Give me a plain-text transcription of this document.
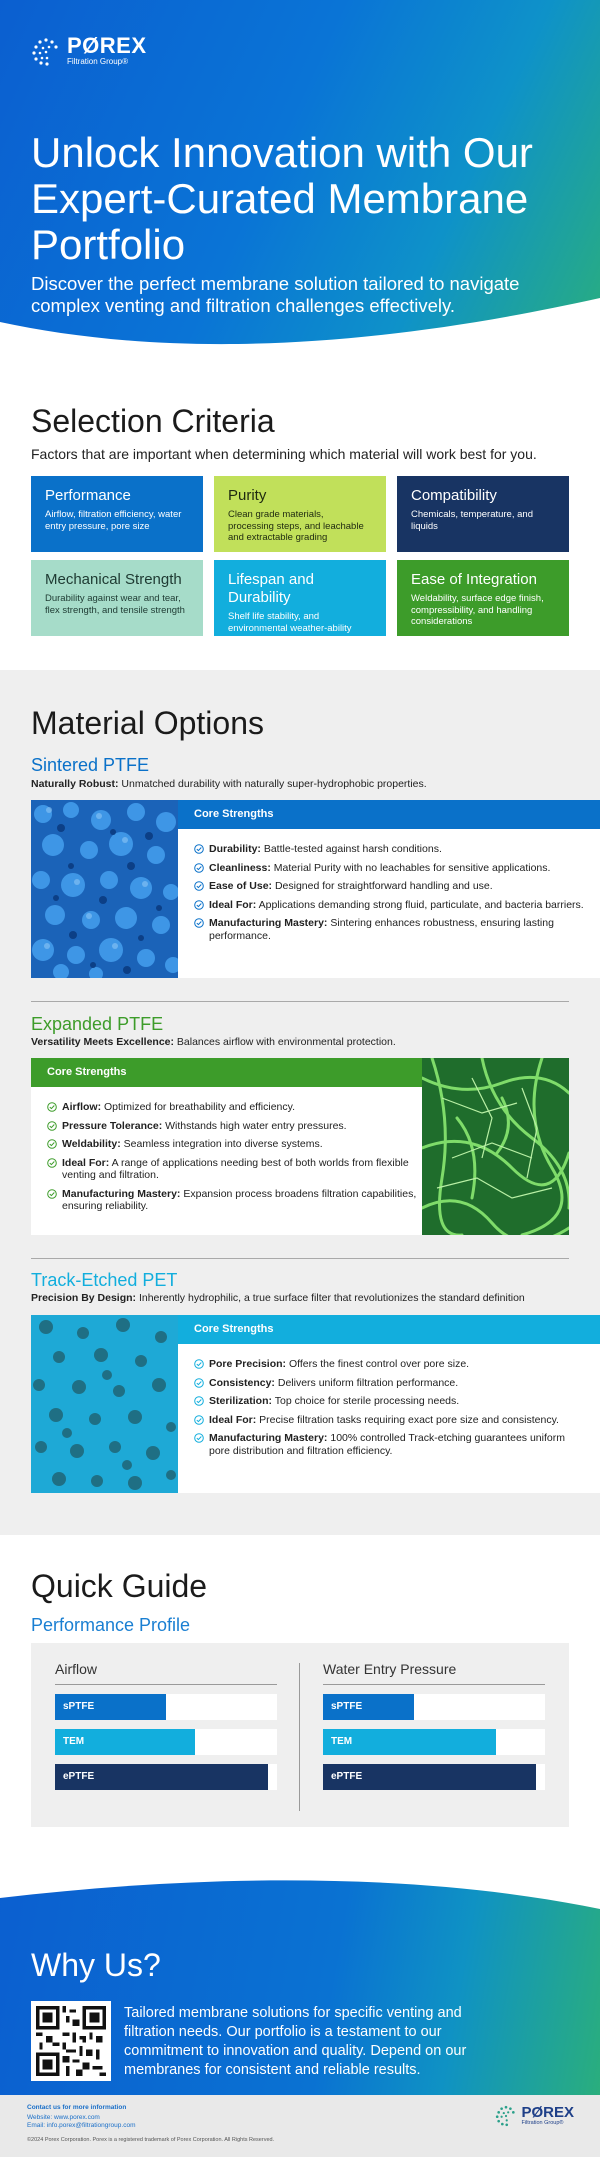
PØREX
Filtration Group®
Unlock Innovation with Our Expert-Curated Membrane Portfolio

Discover the perfect membrane solution tailored to navigate complex venting and filtration challenges effectively.

Selection Criteria

Factors that are important when determining which material will work best for you.

Performance
Airflow, filtration efficiency, water entry pressure, pore size
Purity
Clean grade materials, processing steps, and leachable and extractable grading
Compatibility
Chemicals, temperature, and liquids
Mechanical Strength
Durability against wear and tear, flex strength, and tensile strength
Lifespan and Durability
Shelf life stability, and environmental weather-ability
Ease of Integration
Weldability, surface edge finish, compressibility, and handling considerations
Material Options
Sintered PTFE
Naturally Robust: Unmatched durability with naturally super-hydrophobic properties.
Core Strengths
Durability: Battle-tested against harsh conditions.
Cleanliness: Material Purity with no leachables for sensitive applications.
Ease of Use: Designed for straightforward handling and use.
Ideal For: Applications demanding strong fluid, particulate, and bacteria barriers.
Manufacturing Mastery: Sintering enhances robustness, ensuring lasting performance.
Expanded PTFE
Versatility Meets Excellence: Balances airflow with environmental protection.
Core Strengths
Airflow: Optimized for breathability and efficiency.
Pressure Tolerance: Withstands high water entry pressures.
Weldability: Seamless integration into diverse systems.
Ideal For: A range of applications needing best of both worlds from flexible venting and filtration.
Manufacturing Mastery: Expansion process broadens filtration capabilities, ensuring reliability.
Track-Etched PET
Precision By Design: Inherently hydrophilic, a true surface filter that revolutionizes the standard definition
Core Strengths
Pore Precision: Offers the finest control over pore size.
Consistency: Delivers uniform filtration performance.
Sterilization: Top choice for sterile processing needs.
Ideal For: Precise filtration tasks requiring exact pore size and consistency.
Manufacturing Mastery: 100% controlled Track-etching guarantees uniform pore distribution and filtration efficiency.
Quick Guide
Performance Profile
Airflow
sPTFE
TEM
ePTFE
Water Entry Pressure
sPTFE
TEM
ePTFE
Why Us?

Tailored membrane solutions for specific venting and filtration needs. Our portfolio is a testament to our commitment to innovation and quality. Depend on our membranes for consistent and reliable results.

Contact us for more information
Website: www.porex.com
Email: info.porex@filtrationgroup.com
©2024 Porex Corporation. Porex is a registered trademark of Porex Corporation. All Rights Reserved.
PØREX
Filtration Group®
